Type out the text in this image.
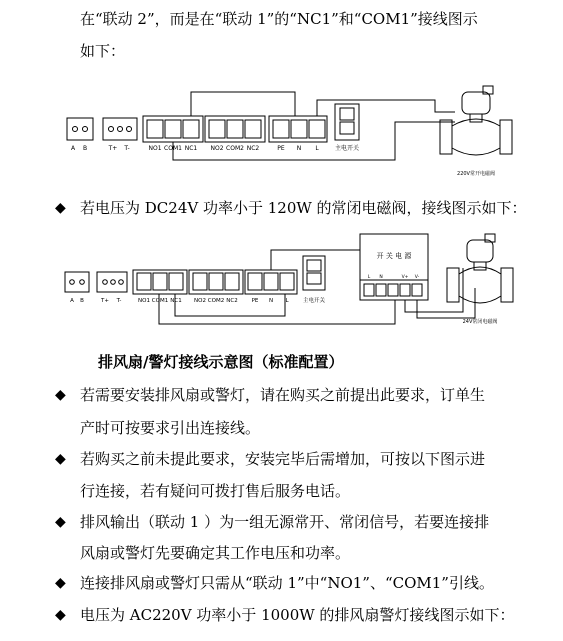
在“联动 2”，而是在“联动 1”的“NC1”和“COM1”接线图示
如下：
A B	T+ T-	NO1 COM1 NC1 NO2 COM2 NC2	PE N L	主电开关
220V常开电磁阀
◆ 若电压为 DC24V 功率小于 120W 的常闭电磁阀，接线图示如下：
A B	T+ T-	NO1 COM1 NC1 NO2 COM2 NC2	PE N L	主电开关
开 关 电 源
L N	V+ V-
24V常闭电磁阀
排风扇/警灯接线示意图（标准配置）
◆ 若需要安装排风扇或警灯，请在购买之前提出此要求，订单生
产时可按要求引出连接线。
◆ 若购买之前未提此要求，安装完毕后需增加，可按以下图示进
行连接，若有疑问可拨打售后服务电话。
◆ 排风输出（联动 1 ）为一组无源常开、常闭信号，若要连接排
风扇或警灯先要确定其工作电压和功率。
◆ 连接排风扇或警灯只需从“联动 1”中“NO1”、“COM1”引线。
◆ 电压为 AC220V 功率小于 1000W 的排风扇警灯接线图示如下：
